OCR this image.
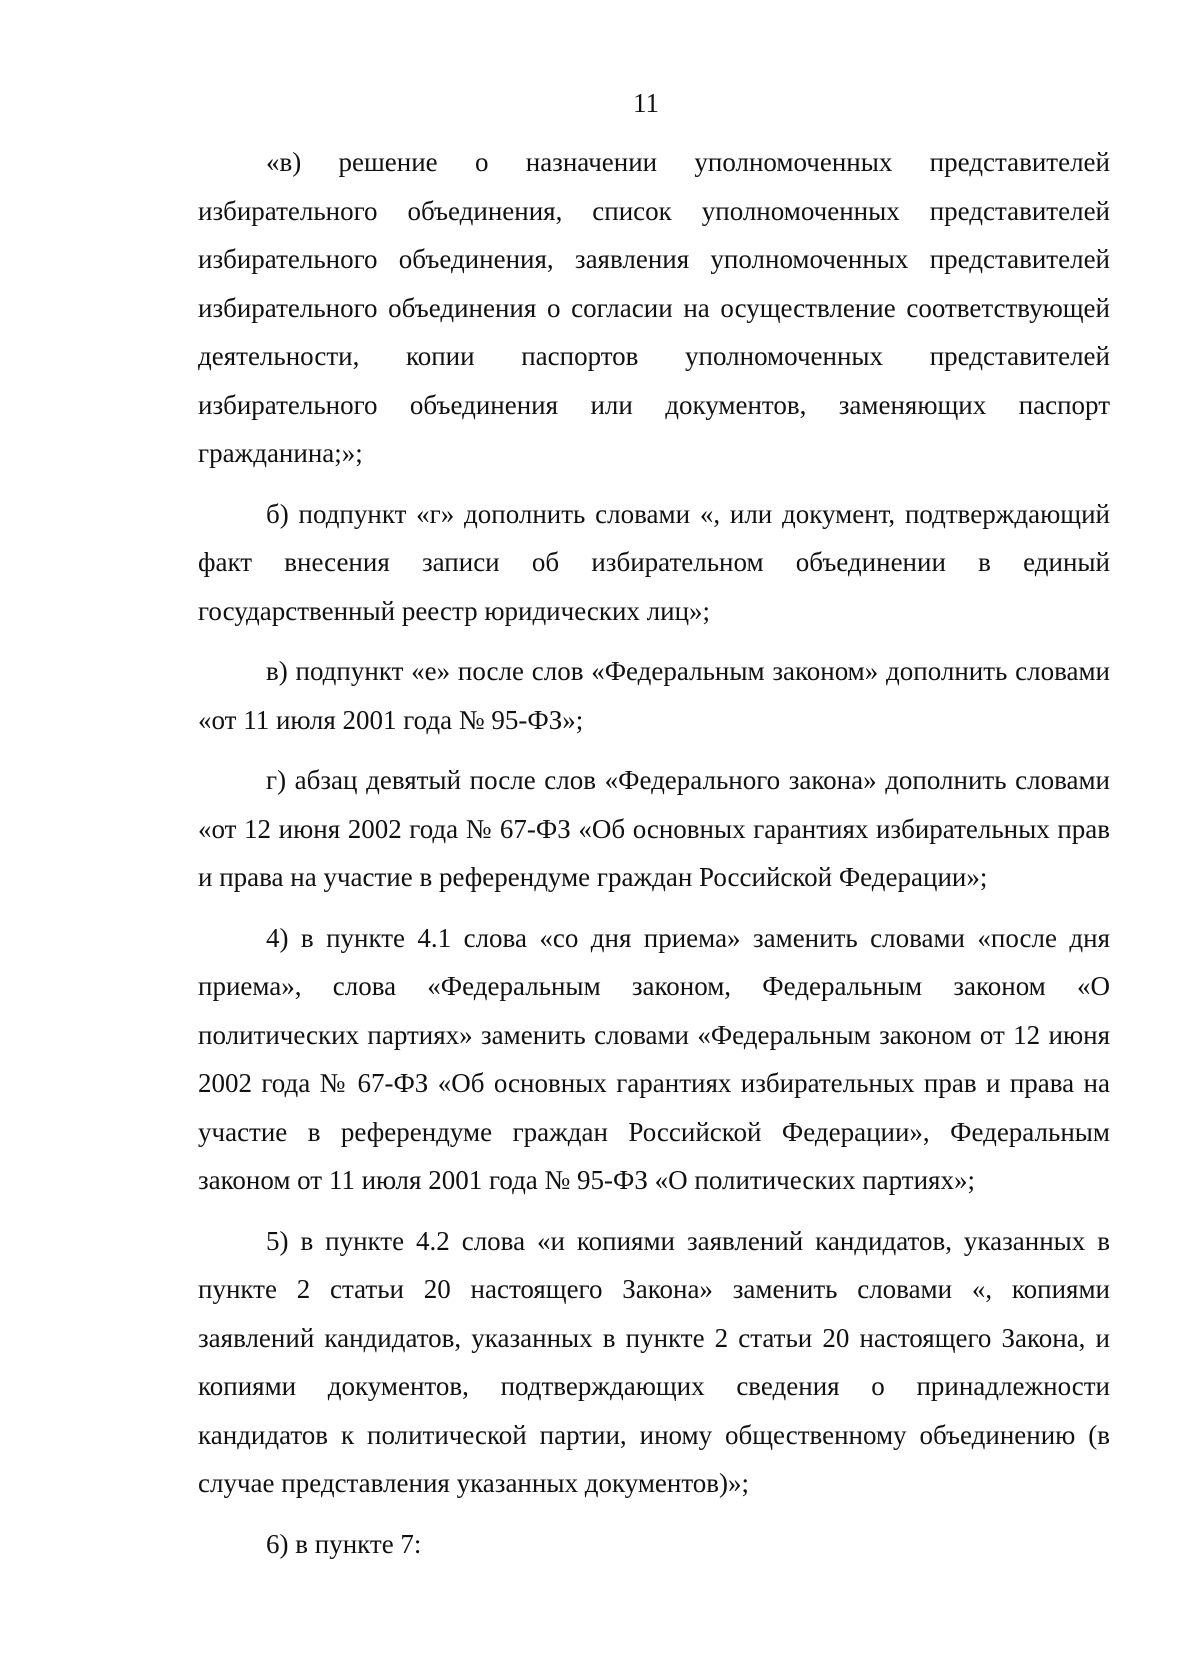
11

«в) решение о назначении уполномоченных представителей избирательного объединения, список уполномоченных представителей избирательного объединения, заявления уполномоченных представителей избирательного объединения о согласии на осуществление соответствующей деятельности, копии паспортов уполномоченных представителей избирательного объединения или документов, заменяющих паспорт гражданина;»;

б) подпункт «г» дополнить словами «, или документ, подтверждающий факт внесения записи об избирательном объединении в единый государственный реестр юридических лиц»;

в) подпункт «е» после слов «Федеральным законом» дополнить словами «от 11 июля 2001 года № 95-ФЗ»;

г) абзац девятый после слов «Федерального закона» дополнить словами «от 12 июня 2002 года № 67-ФЗ «Об основных гарантиях избирательных прав и права на участие в референдуме граждан Российской Федерации»;

4) в пункте 4.1 слова «со дня приема» заменить словами «после дня приема», слова «Федеральным законом, Федеральным законом «О политических партиях» заменить словами «Федеральным законом от 12 июня 2002 года № 67-ФЗ «Об основных гарантиях избирательных прав и права на участие в референдуме граждан Российской Федерации», Федеральным законом от 11 июля 2001 года № 95-ФЗ «О политических партиях»;

5) в пункте 4.2 слова «и копиями заявлений кандидатов, указанных в пункте 2 статьи 20 настоящего Закона» заменить словами «, копиями заявлений кандидатов, указанных в пункте 2 статьи 20 настоящего Закона, и копиями документов, подтверждающих сведения о принадлежности кандидатов к политической партии, иному общественному объединению (в случае представления указанных документов)»;

6) в пункте 7:
